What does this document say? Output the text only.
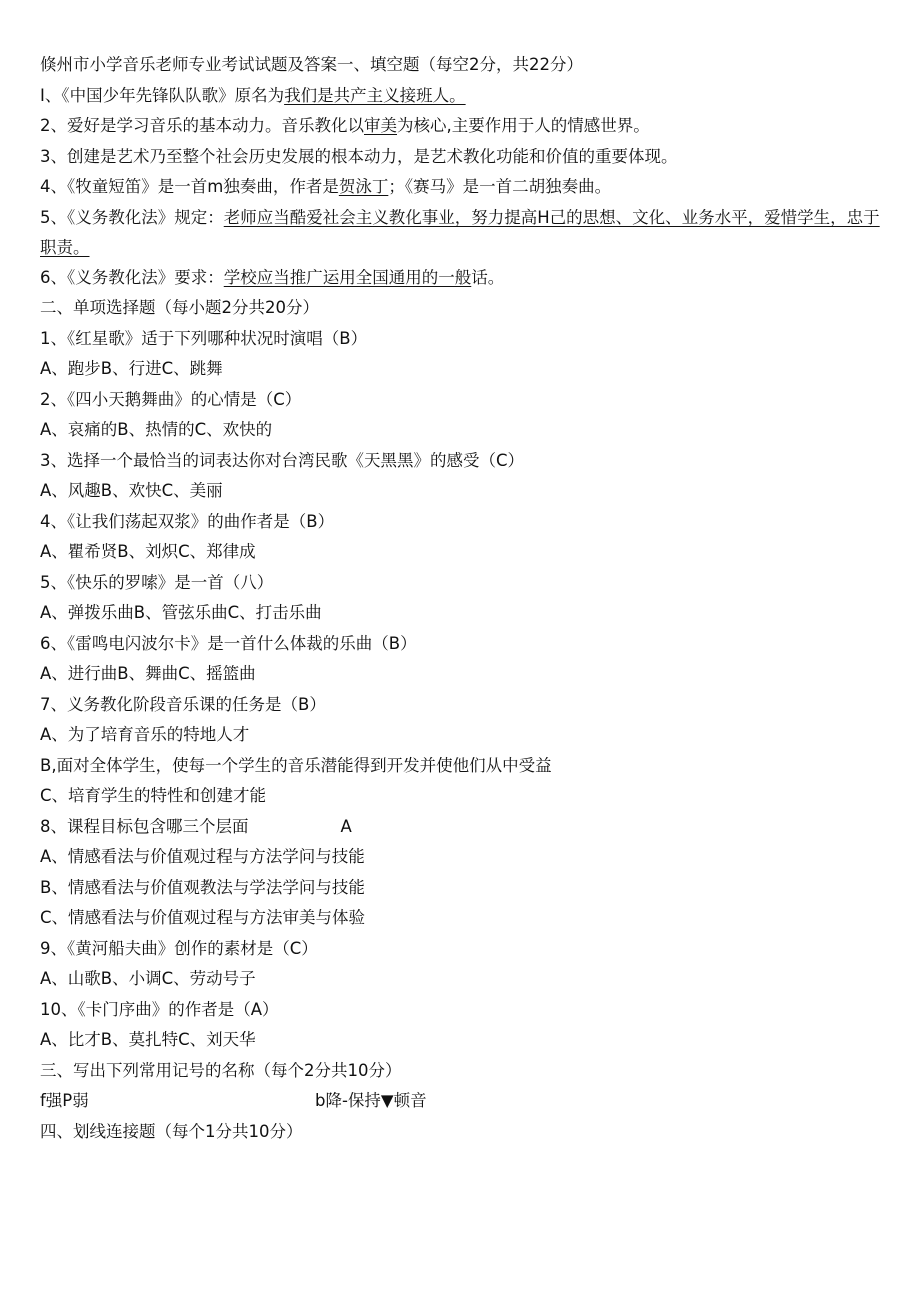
倏州市小学音乐老师专业考试试题及答案一、填空题（每空2分，共22分）
I、《中国少年先锋队队歌》原名为我们是共产主义接班人。
2、爱好是学习音乐的基本动力。音乐教化以审美为核心,主要作用于人的情感世界。
3、创建是艺术乃至整个社会历史发展的根本动力，是艺术教化功能和价值的重要体现。
4、《牧童短笛》是一首m独奏曲，作者是贺泳丁；《赛马》是一首二胡独奏曲。
5、《义务教化法》规定：老师应当酷爱社会主义教化事业，努力提高H己的思想、文化、业务水平，爱惜学生，忠于职责。
6、《义务教化法》要求：学校应当推广运用全国通用的一般话。
二、单项选择题（每小题2分共20分）
1、《红星歌》适于下列哪种状况时演唱（B）
A、跑步B、行进C、跳舞
2、《四小天鹅舞曲》的心情是（C）
A、哀痛的B、热情的C、欢快的
3、选择一个最恰当的词表达你对台湾民歌《天黑黑》的感受（C）
A、风趣B、欢快C、美丽
4、《让我们荡起双浆》的曲作者是（B）
A、瞿希贤B、刘炽C、郑律成
5、《快乐的罗嗦》是一首（八）
A、弹拨乐曲B、管弦乐曲C、打击乐曲
6、《雷鸣电闪波尔卡》是一首什么体裁的乐曲（B）
A、进行曲B、舞曲C、摇篮曲
7、义务教化阶段音乐课的任务是（B）
A、为了培育音乐的特地人才
B,面对全体学生，使每一个学生的音乐潜能得到开发并使他们从中受益
C、培育学生的特性和创建才能
8、课程目标包含哪三个层面	A
A、情感看法与价值观过程与方法学问与技能
B、情感看法与价值观教法与学法学问与技能
C、情感看法与价值观过程与方法审美与体验
9、《黄河船夫曲》创作的素材是（C）
A、山歌B、小调C、劳动号子
10、《卡门序曲》的作者是（A）
A、比才B、莫扎特C、刘天华
三、写出下列常用记号的名称（每个2分共10分）
f强P弱	b降-保持▼顿音
四、划线连接题（每个1分共10分）
